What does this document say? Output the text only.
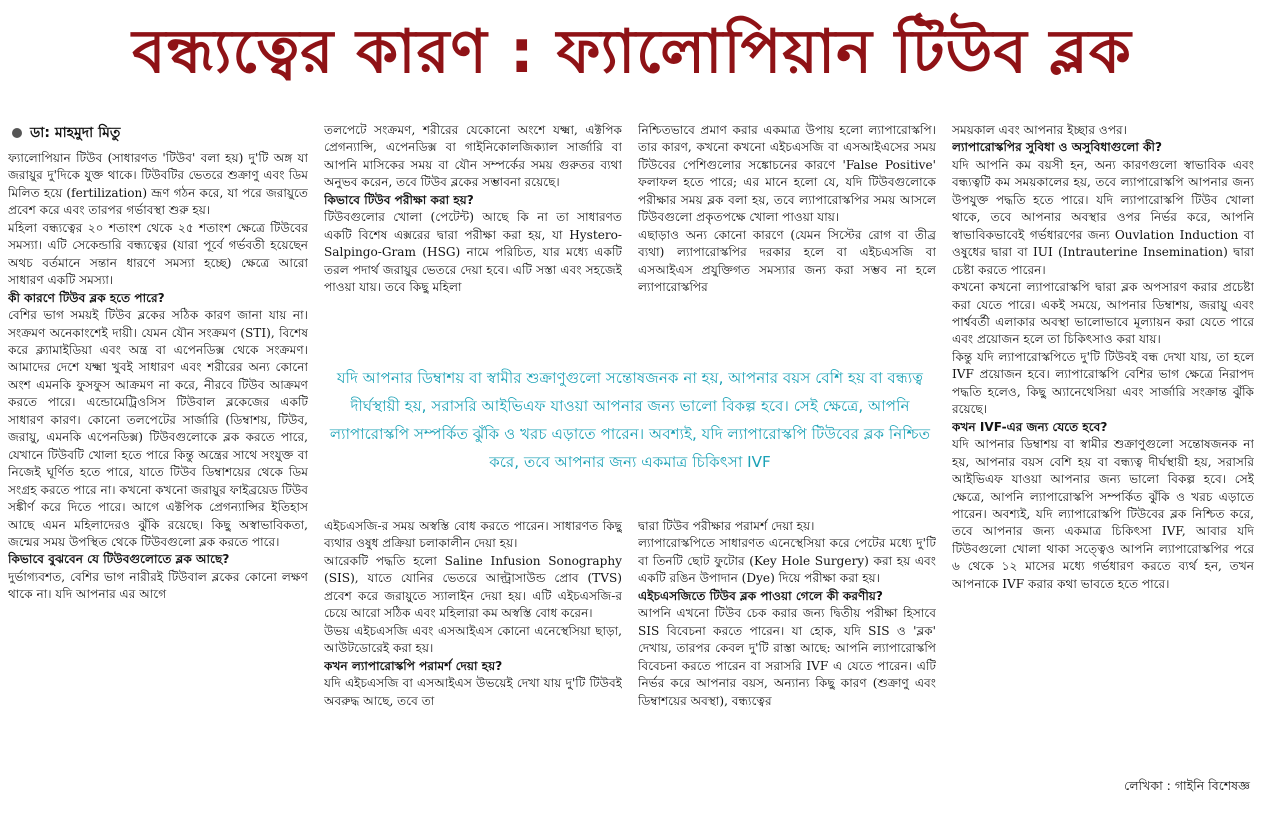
বন্ধ্যত্বের কারণ : ফ্যালোপিয়ান টিউব ব্লক
ডা: মাহমুদা মিতু

ফ্যালোপিয়ান টিউব (সাধারণত 'টিউব' বলা হয়) দু'টি অঙ্গ যা জরায়ুর দু'দিকে যুক্ত থাকে। টিউবটির ভেতরে শুক্রাণু এবং ডিম মিলিত হয়ে (fertilization) ভ্রূণ গঠন করে, যা পরে জরায়ুতে প্রবেশ করে এবং তারপর গর্ভাবস্থা শুরু হয়।

মহিলা বন্ধ্যত্বের ২০ শতাংশ থেকে ২৫ শতাংশ ক্ষেত্রে টিউবের সমস্যা। এটি সেকেন্ডারি বন্ধ্যত্বের (যারা পূর্বে গর্ভবতী হয়েছেন অথচ বর্তমানে সন্তান ধারণে সমস্যা হচ্ছে) ক্ষেত্রে আরো সাধারণ একটি সমস্যা।

কী কারণে টিউব ব্লক হতে পারে?

বেশির ভাগ সময়ই টিউব ব্লকের সঠিক কারণ জানা যায় না। সংক্রমণ অনেকাংশেই দায়ী। যেমন যৌন সংক্রমণ (STI), বিশেষ করে ক্ল্যামাইডিয়া এবং অন্ত্র বা এপেনডিক্স থেকে সংক্রমণ। আমাদের দেশে যক্ষ্মা খুবই সাধারণ এবং শরীরের অন্য কোনো অংশ এমনকি ফুসফুস আক্রমণ না করে, নীরবে টিউব আক্রমণ করতে পারে। এন্ডোমেট্রিওসিস টিউবাল ব্লকেজের একটি সাধারণ কারণ। কোনো তলপেটের সার্জারি (ডিম্বাশয়, টিউব, জরায়ু, এমনকি এপেনডিক্স) টিউবগুলোকে ব্লক করতে পারে, যেখানে টিউবটি খোলা হতে পারে কিন্তু অন্ত্রের সাথে সংযুক্ত বা নিজেই ঘূর্ণিত হতে পারে, যাতে টিউব ডিম্বাশয়ের থেকে ডিম সংগ্রহ করতে পারে না। কখনো কখনো জরায়ুর ফাইব্রয়েড টিউব সঙ্কীর্ণ করে দিতে পারে। আগে এক্টপিক প্রেগন্যান্সির ইতিহাস আছে এমন মহিলাদেরও ঝুঁকি রয়েছে। কিছু অস্বাভাবিকতা, জন্মের সময় উপস্থিত থেকে টিউবগুলো ব্লক করতে পারে।

কিভাবে বুঝবেন যে টিউবগুলোতে ব্লক আছে?

দুর্ভাগ্যবশত, বেশির ভাগ নারীরই টিউবাল ব্লকের কোনো লক্ষণ থাকে না। যদি আপনার এর আগে

তলপেটে সংক্রমণ, শরীরের যেকোনো অংশে যক্ষ্মা, এক্টপিক প্রেগন্যান্সি, এপেনডিক্স বা গাইনিকোলজিক্যাল সার্জারি বা আপনি মাসিকের সময় বা যৌন সম্পর্কের সময় গুরুতর ব্যথা অনুভব করেন, তবে টিউব ব্লকের সম্ভাবনা রয়েছে।

কিভাবে টিউব পরীক্ষা করা হয়?

টিউবগুলোর খোলা (পেটেন্ট) আছে কি না তা সাধারণত একটি বিশেষ এক্সরের দ্বারা পরীক্ষা করা হয়, যা Hystero-Salpingo-Gram (HSG) নামে পরিচিত, যার মধ্যে একটি তরল পদার্থ জরায়ুর ভেতরে দেয়া হবে। এটি সস্তা এবং সহজেই পাওয়া যায়। তবে কিছু মহিলা

নিশ্চিতভাবে প্রমাণ করার একমাত্র উপায় হলো ল্যাপারোস্কপি। তার কারণ, কখনো কখনো এইচএসজি বা এসআইএসের সময় টিউবের পেশিগুলোর সঙ্কোচনের কারণে 'False Positive' ফলাফল হতে পারে; এর মানে হলো যে, যদি টিউবগুলোকে পরীক্ষার সময় ব্লক বলা হয়, তবে ল্যাপারোস্কপির সময় আসলে টিউবগুলো প্রকৃতপক্ষে খোলা পাওয়া যায়।

এছাড়াও অন্য কোনো কারণে (যেমন সিস্টের রোগ বা তীব্র ব্যথা) ল্যাপারোস্কপির দরকার হলে বা এইচএসজি বা এসআইএস প্রযুক্তিগত সমস্যার জন্য করা সম্ভব না হলে ল্যাপারোস্কপির

যদি আপনার ডিম্বাশয় বা স্বামীর শুক্রাণুগুলো সন্তোষজনক না হয়, আপনার বয়স বেশি হয় বা বন্ধ্যত্ব দীর্ঘস্থায়ী হয়, সরাসরি আইভিএফ যাওয়া আপনার জন্য ভালো বিকল্প হবে। সেই ক্ষেত্রে, আপনি ল্যাপারোস্কপি সম্পর্কিত ঝুঁকি ও খরচ এড়াতে পারেন। অবশ্যই, যদি ল্যাপারোস্কপি টিউবের ব্লক নিশ্চিত করে, তবে আপনার জন্য একমাত্র চিকিৎসা IVF

এইচএসজি-র সময় অস্বস্তি বোধ করতে পারেন। সাধারণত কিছু ব্যথার ওষুধ প্রক্রিয়া চলাকালীন দেয়া হয়।

আরেকটি পদ্ধতি হলো Saline Infusion Sonography (SIS), যাতে যোনির ভেতরে আল্ট্রাসাউন্ড প্রোব (TVS) প্রবেশ করে জরায়ুতে স্যালাইন দেয়া হয়। এটি এইচএসজি-র চেয়ে আরো সঠিক এবং মহিলারা কম অস্বস্তি বোধ করেন।

উভয় এইচএসজি এবং এসআইএস কোনো এনেস্থেসিয়া ছাড়া, আউটডোরেই করা হয়।

কখন ল্যাপারোস্কপি পরামর্শ দেয়া হয়?

যদি এইচএসজি বা এসআইএস উভয়েই দেখা যায় দু'টি টিউবই অবরুদ্ধ আছে, তবে তা

দ্বারা টিউব পরীক্ষার পরামর্শ দেয়া হয়।

ল্যাপারোস্কপিতে সাধারণত এনেস্থেসিয়া করে পেটের মধ্যে দু'টি বা তিনটি ছোট ফুটোর (Key Hole Surgery) করা হয় এবং একটি রঙিন উপাদান (Dye) দিয়ে পরীক্ষা করা হয়।

এইচএসজিতে টিউব ব্লক পাওয়া গেলে কী করণীয়?

আপনি এখনো টিউব চেক করার জন্য দ্বিতীয় পরীক্ষা হিসাবে SIS বিবেচনা করতে পারেন। যা হোক, যদি SIS ও 'ব্লক' দেখায়, তারপর কেবল দু'টি রাস্তা আছে: আপনি ল্যাপারোস্কপি বিবেচনা করতে পারেন বা সরাসরি IVF এ যেতে পারেন। এটি নির্ভর করে আপনার বয়স, অন্যান্য কিছু কারণ (শুক্রাণু এবং ডিম্বাশয়ের অবস্থা), বন্ধ্যত্বের

সময়কাল এবং আপনার ইচ্ছার ওপর।

ল্যাপারোস্কপির সুবিধা ও অসুবিধাগুলো কী?

যদি আপনি কম বয়সী হন, অন্য কারণগুলো স্বাভাবিক এবং বন্ধ্যত্বটি কম সময়কালের হয়, তবে ল্যাপারোস্কপি আপনার জন্য উপযুক্ত পদ্ধতি হতে পারে। যদি ল্যাপারোস্কপি টিউব খোলা থাকে, তবে আপনার অবস্থার ওপর নির্ভর করে, আপনি স্বাভাবিকভাবেই গর্ভধারণের জন্য Ouvlation Induction বা ওষুধের দ্বারা বা IUI (Intrauterine Insemination) দ্বারা চেষ্টা করতে পারেন।

কখনো কখনো ল্যাপারোস্কপি দ্বারা ব্লক অপসারণ করার প্রচেষ্টা করা যেতে পারে। একই সময়ে, আপনার ডিম্বাশয়, জরায়ু এবং পার্শ্ববর্তী এলাকার অবস্থা ভালোভাবে মূল্যায়ন করা যেতে পারে এবং প্রয়োজন হলে তা চিকিৎসাও করা যায়।

কিন্তু যদি ল্যাপারোস্কপিতে দু'টি টিউবই বন্ধ দেখা যায়, তা হলে IVF প্রয়োজন হবে। ল্যাপারোস্কপি বেশির ভাগ ক্ষেত্রে নিরাপদ পদ্ধতি হলেও, কিছু অ্যানেথেসিয়া এবং সার্জারি সংক্রান্ত ঝুঁকি রয়েছে।

কখন IVF-এর জন্য যেতে হবে?

যদি আপনার ডিম্বাশয় বা স্বামীর শুক্রাণুগুলো সন্তোষজনক না হয়, আপনার বয়স বেশি হয় বা বন্ধ্যত্ব দীর্ঘস্থায়ী হয়, সরাসরি আইভিএফ যাওয়া আপনার জন্য ভালো বিকল্প হবে। সেই ক্ষেত্রে, আপনি ল্যাপারোস্কপি সম্পর্কিত ঝুঁকি ও খরচ এড়াতে পারেন। অবশ্যই, যদি ল্যাপারোস্কপি টিউবের ব্লক নিশ্চিত করে, তবে আপনার জন্য একমাত্র চিকিৎসা IVF, আবার যদি টিউবগুলো খোলা থাকা সত্ত্বেও আপনি ল্যাপারোস্কপির পরে ৬ থেকে ১২ মাসের মধ্যে গর্ভধারণ করতে ব্যর্থ হন, তখন আপনাকে IVF করার কথা ভাবতে হতে পারে।

লেখিকা : গাইনি বিশেষজ্ঞ
